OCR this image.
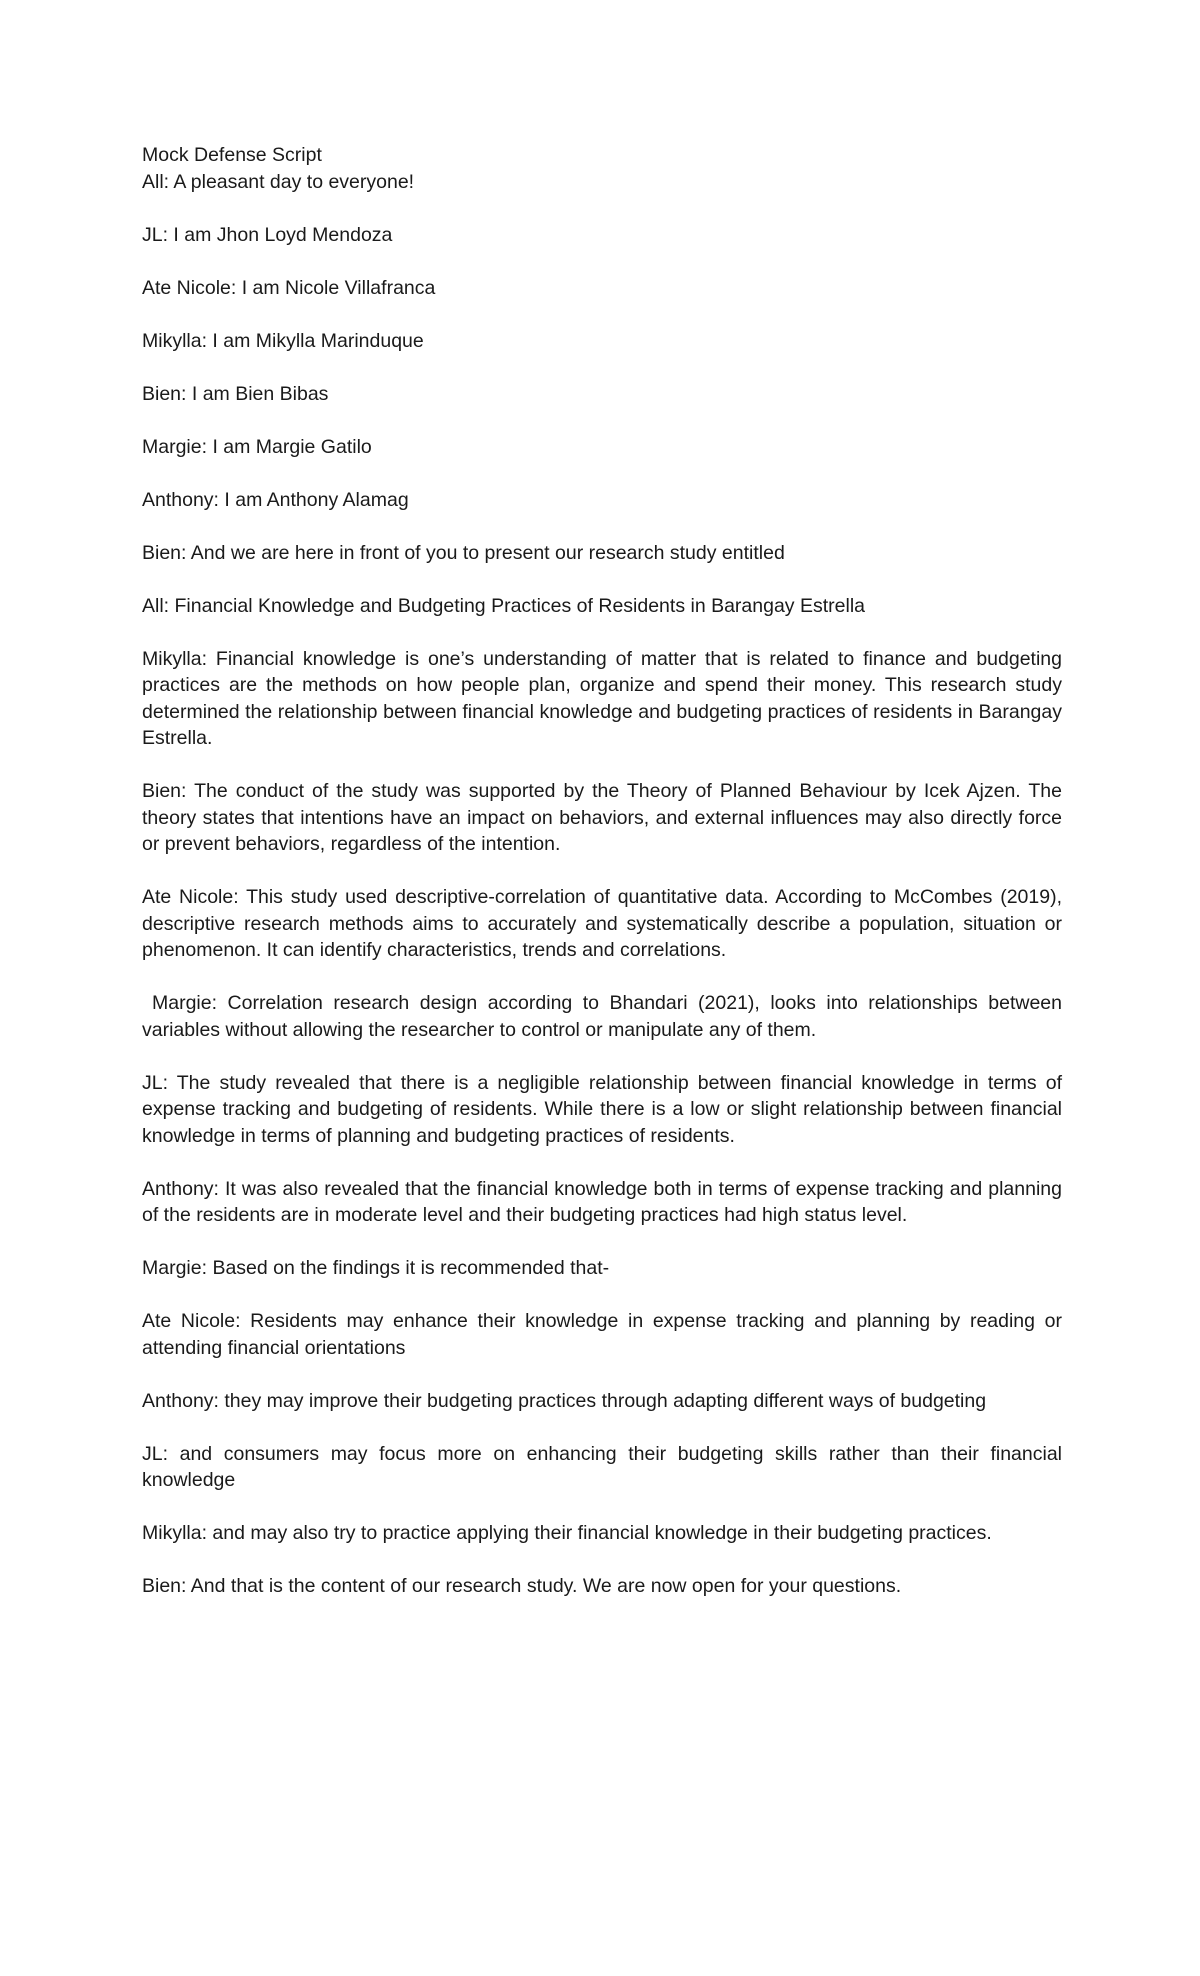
Mock Defense Script

All: A pleasant day to everyone!

JL: I am Jhon Loyd Mendoza

Ate Nicole: I am Nicole Villafranca

Mikylla: I am Mikylla Marinduque

Bien: I am Bien Bibas

Margie: I am Margie Gatilo

Anthony: I am Anthony Alamag

Bien: And we are here in front of you to present our research study entitled

All: Financial Knowledge and Budgeting Practices of Residents in Barangay Estrella

Mikylla: Financial knowledge is one’s understanding of matter that is related to finance and budgeting practices are the methods on how people plan, organize and spend their money. This research study determined the relationship between financial knowledge and budgeting practices of residents in Barangay Estrella.

Bien: The conduct of the study was supported by the Theory of Planned Behaviour by Icek Ajzen. The theory states that intentions have an impact on behaviors, and external influences may also directly force or prevent behaviors, regardless of the intention.

Ate Nicole: This study used descriptive-correlation of quantitative data. According to McCombes (2019), descriptive research methods aims to accurately and systematically describe a population, situation or phenomenon. It can identify characteristics, trends and correlations.

Margie: Correlation research design according to Bhandari (2021), looks into relationships between variables without allowing the researcher to control or manipulate any of them.

JL: The study revealed that there is a negligible relationship between financial knowledge in terms of expense tracking and budgeting of residents. While there is a low or slight relationship between financial knowledge in terms of planning and budgeting practices of residents.

Anthony: It was also revealed that the financial knowledge both in terms of expense tracking and planning of the residents are in moderate level and their budgeting practices had high status level.

Margie: Based on the findings it is recommended that-

Ate Nicole: Residents may enhance their knowledge in expense tracking and planning by reading or attending financial orientations

Anthony: they may improve their budgeting practices through adapting different ways of budgeting

JL: and consumers may focus more on enhancing their budgeting skills rather than their financial knowledge

Mikylla: and may also try to practice applying their financial knowledge in their budgeting practices.

Bien: And that is the content of our research study. We are now open for your questions.
